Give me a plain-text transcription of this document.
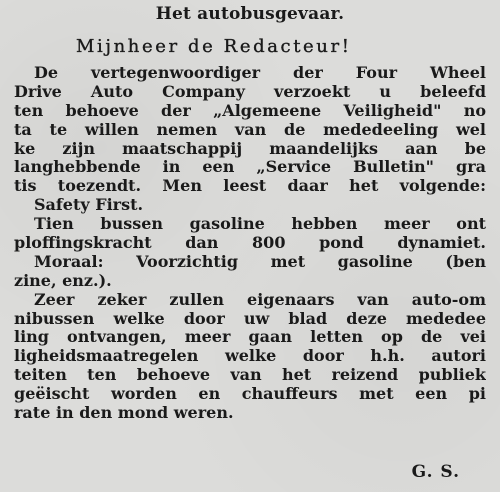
Het autobusgevaar.
Mijnheer de Redacteur!
De vertegenwoordiger der Four Wheel
Drive Auto Company verzoekt u beleefd
ten behoeve der „Algemeene Veiligheid" no
ta te willen nemen van de mededeeling wel
ke zijn maatschappij maandelijks aan be
langhebbende in een „Service Bulletin" gra
tis toezendt. Men leest daar het volgende:
Safety First.
Tien bussen gasoline hebben meer ont
ploffingskracht dan 800 pond dynamiet.
Moraal: Voorzichtig met gasoline (ben
zine, enz.).
Zeer zeker zullen eigenaars van auto-om
nibussen welke door uw blad deze mededee
ling ontvangen, meer gaan letten op de vei
ligheidsmaatregelen welke door h.h. autori
teiten ten behoeve van het reizend publiek
geëischt worden en chauffeurs met een pi
rate in den mond weren.
G. S.
